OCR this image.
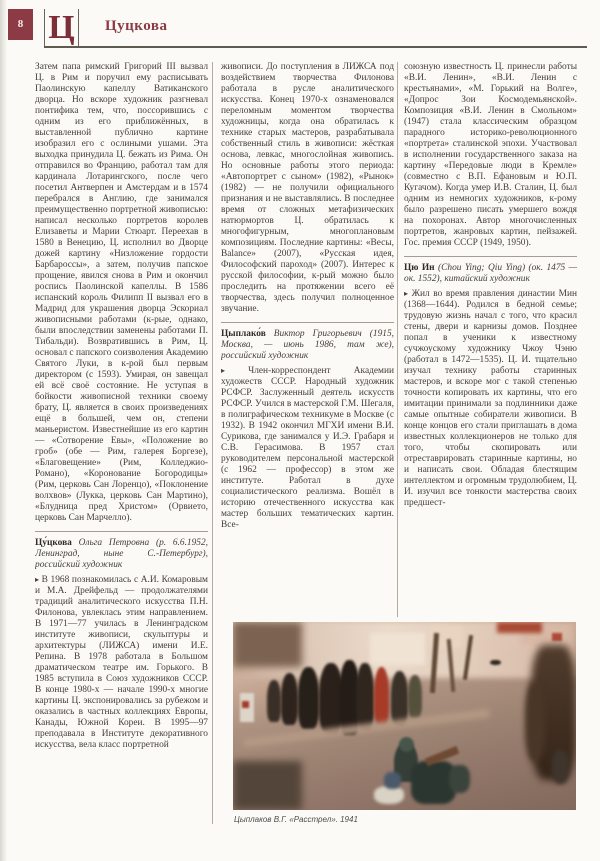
8 Ц Цуцкова

Затем папа римский Григорий III вызвал Ц. в Рим и поручил ему расписывать Паолинскую капеллу Ватиканского дворца. Но вскоре художник разгневал понтифика тем, что, поссорившись с одним из его приближённых, в выставленной публично картине изобразил его с ослиными ушами. Эта выходка принудила Ц. бежать из Рима. Он отправился во Францию, работал там для кардинала Лотарингского, после чего посетил Антверпен и Амстердам и в 1574 перебрался в Англию, где занимался преимущественно портретной живописью: написал несколько портретов королев Елизаветы и Марии Стюарт. Переехав в 1580 в Венецию, Ц. исполнил во Дворце дожей картину «Низложение гордости Барбароссы», а затем, получив папское прощение, явился снова в Рим и окончил роспись Паолинской капеллы. В 1586 испанский король Филипп II вызвал его в Мадрид для украшения дворца Эскориал живописными работами (к-рые, однако, были впоследствии заменены работами П. Тибальди). Возвратившись в Рим, Ц. основал с папского соизволения Академию Святого Луки, в к-рой был первым директором (с 1593). Умирая, он завещал ей всё своё состояние. Не уступая в бойкости живописной техники своему брату, Ц. является в своих произведениях ещё в большей, чем он, степени маньеристом. Известнейшие из его картин — «Сотворение Евы», «Положение во гроб» (обе — Рим, галерея Боргезе), «Благовещение» (Рим, Колледжио-Романо), «Коронование Богородицы» (Рим, церковь Сан Лоренцо), «Поклонение волхвов» (Лукка, церковь Сан Мартино), «Блудница пред Христом» (Орвието, церковь Сан Марчелло).

Цу́цкова Ольга Петровна (р. 6.6.1952, Ленинград, ныне С.-Петербург), российский художник

▸ В 1968 познакомилась с А.И. Комаровым и М.А. Дрейфельд — продолжателями традиций аналитического искусства П.Н. Филонова, увлеклась этим направлением. В 1971—77 училась в Ленинградском институте живописи, скульптуры и архитектуры (ЛИЖСА) имени И.Е. Репина. В 1978 работала в Большом драматическом театре им. Горького. В 1985 вступила в Союз художников СССР. В конце 1980-х — начале 1990-х многие картины Ц. экспонировались за рубежом и оказались в частных коллекциях Европы, Канады, Южной Кореи. В 1995—97 преподавала в Институте декоративного искусства, вела класс портретной

живописи. До поступления в ЛИЖСА под воздействием творчества Филонова работала в русле аналитического искусства. Конец 1970-х ознаменовался переломным моментом творчества художницы, когда она обратилась к технике старых мастеров, разрабатывала собственный стиль в живописи: жёсткая основа, левкас, многослойная живопись. Но основные работы этого периода: «Автопортрет с сыном» (1982), «Рынок» (1982) — не получили официального признания и не выставлялись. В последнее время от сложных метафизических натюрмортов Ц. обратилась к многофигурным, многоплановым композициям. Последние картины: «Весы, Balance» (2007), «Русская идея, Философский пароход» (2007). Интерес к русской философии, к-рый можно было проследить на протяжении всего её творчества, здесь получил полноценное звучание.

Цыплако́в Виктор Григорьевич (1915, Москва, — июнь 1986, там же), российский художник

▸ Член-корреспондент Академии художеств СССР. Народный художник РСФСР. Заслуженный деятель искусств РСФСР. Учился в мастерской Г.М. Шегаля, в полиграфическом техникуме в Москве (с 1932). В 1942 окончил МГХИ имени В.И. Сурикова, где занимался у И.Э. Грабаря и С.В. Герасимова. В 1957 стал руководителем персональной мастерской (с 1962 — профессор) в этом же институте. Работал в духе социалистического реализма. Вошёл в историю отечественного искусства как мастер больших тематических картин. Все-

союзную известность Ц. принесли работы «В.И. Ленин», «В.И. Ленин с крестьянами», «М. Горький на Волге», «Допрос Зои Космодемьянской». Композиция «В.И. Ленин в Смольном» (1947) стала классическим образцом парадного историко-революционного «портрета» сталинской эпохи. Участвовал в исполнении государственного заказа на картину «Передовые люди в Кремле» (совместно с В.П. Ефановым и Ю.П. Кугачом). Когда умер И.В. Сталин, Ц. был одним из немногих художников, к-рому было разрешено писать умершего вождя на похоронах. Автор многочисленных портретов, жанровых картин, пейзажей. Гос. премия СССР (1949, 1950).

Цю Ин (Chou Ying; Qiu Ying) (ок. 1475 — ок. 1552), китайский художник

▸ Жил во время правления династии Мин (1368—1644). Родился в бедной семье; трудовую жизнь начал с того, что красил стены, двери и карнизы домов. Позднее попал в ученики к известному сучжоускому художнику Чжоу Чэню (работал в 1472—1535). Ц. И. тщательно изучал технику работы старинных мастеров, и вскоре мог с такой степенью точности копировать их картины, что его имитации принимали за подлинники даже самые опытные собиратели живописи. В конце концов его стали приглашать в дома известных коллекционеров не только для того, чтобы скопировать или отреставрировать старинные картины, но и написать свои. Обладая блестящим интеллектом и огромным трудолюбием, Ц. И. изучил все тонкости мастерства своих предшест-

Цыплаков В.Г. «Расстрел». 1941
